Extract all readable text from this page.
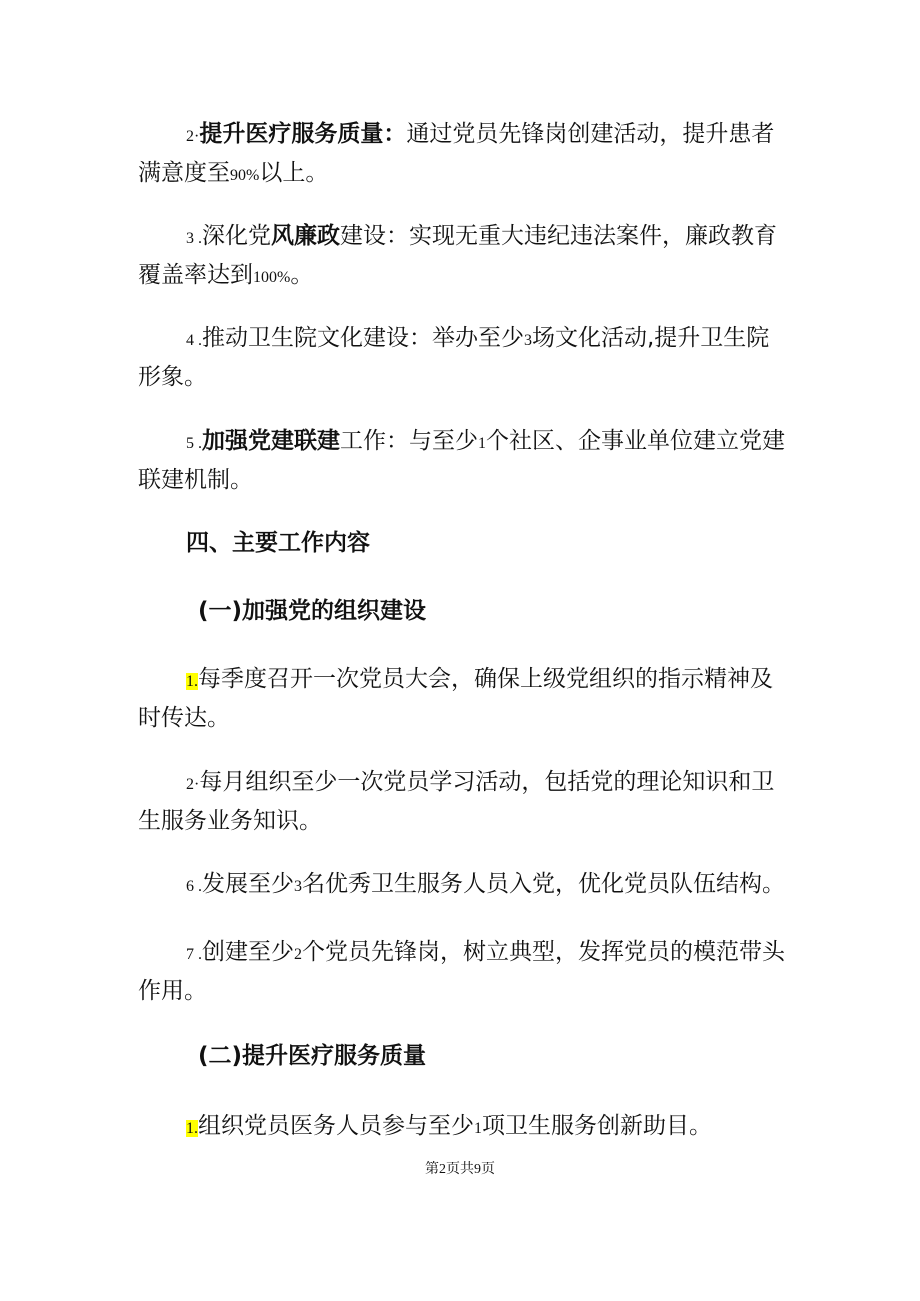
2·提升医疗服务质量：通过党员先锋岗创建活动，提升患者满意度至90%以上。

3 .深化党风廉政建设：实现无重大违纪违法案件，廉政教育覆盖率达到100%。

4 .推动卫生院文化建设：举办至少3场文化活动,提升卫生院形象。

5 .加强党建联建工作：与至少1个社区、企事业单位建立党建联建机制。

四、主要工作内容

(一)加强党的组织建设

1.每季度召开一次党员大会，确保上级党组织的指示精神及时传达。

2·每月组织至少一次党员学习活动，包括党的理论知识和卫生服务业务知识。

6 .发展至少3名优秀卫生服务人员入党，优化党员队伍结构。

7 .创建至少2个党员先锋岗，树立典型，发挥党员的模范带头作用。

(二)提升医疗服务质量

1.组织党员医务人员参与至少1项卫生服务创新助目。

第2页共9页
